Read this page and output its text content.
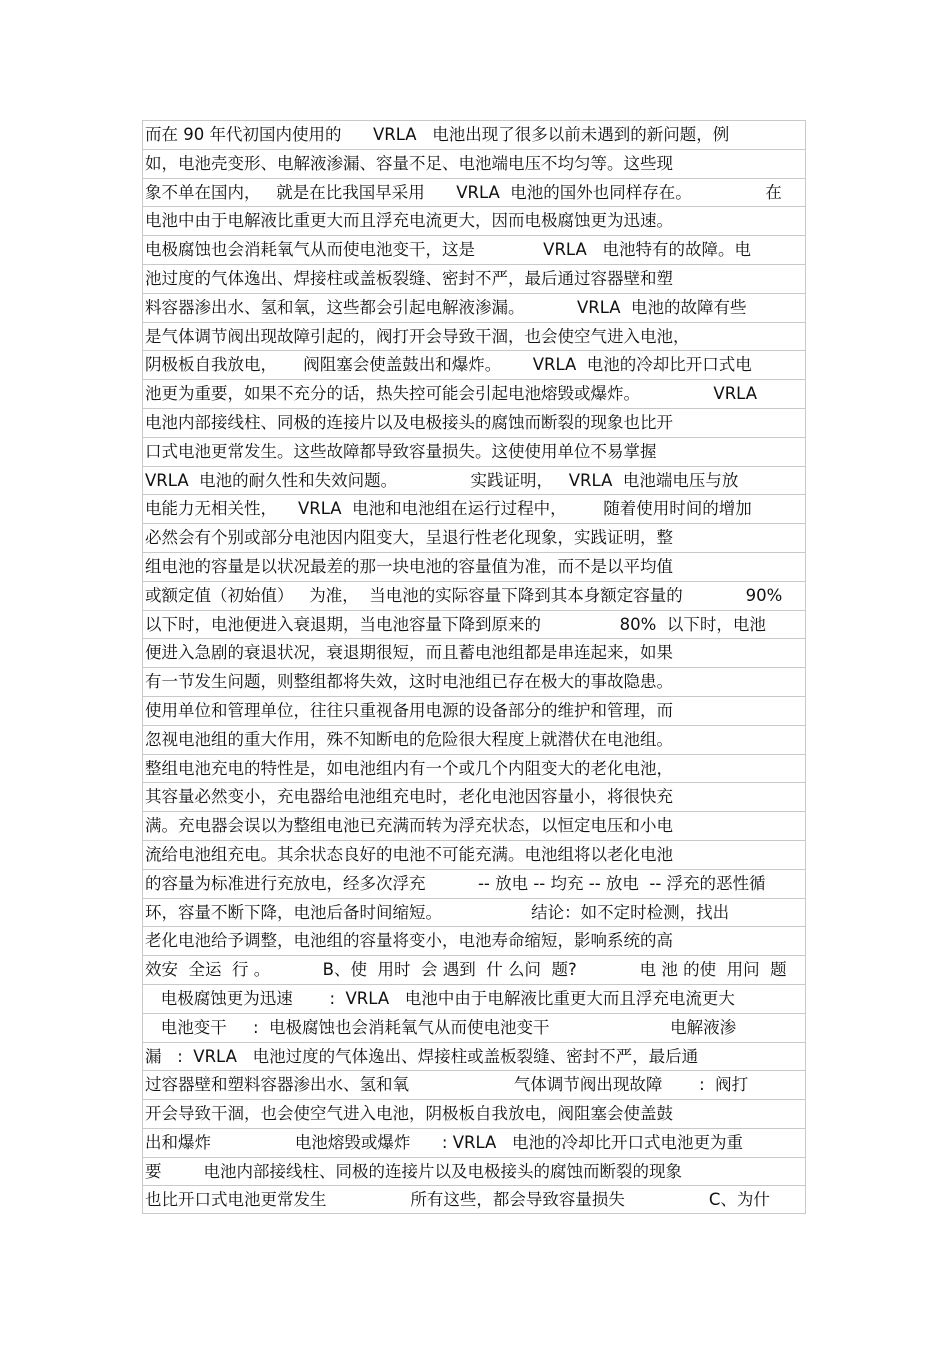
而在 90 年代初国内使用的      VRLA   电池出现了很多以前未遇到的新问题，例
如，电池壳变形、电解液渗漏、容量不足、电池端电压不均匀等。这些现
象不单在国内，   就是在比我国早采用      VRLA  电池的国外也同样存在。              在
电池中由于电解液比重更大而且浮充电流更大，因而电极腐蚀更为迅速。
电极腐蚀也会消耗氧气从而使电池变干，这是             VRLA   电池特有的故障。电
池过度的气体逸出、焊接柱或盖板裂缝、密封不严，最后通过容器壁和塑
料容器渗出水、氢和氧，这些都会引起电解液渗漏。          VRLA  电池的故障有些
是气体调节阀出现故障引起的，阀打开会导致干涸，也会使空气进入电池，
阴极板自我放电，     阀阻塞会使盖鼓出和爆炸。      VRLA  电池的冷却比开口式电
池更为重要，如果不充分的话，热失控可能会引起电池熔毁或爆炸。              VRLA
电池内部接线柱、同极的连接片以及电极接头的腐蚀而断裂的现象也比开
口式电池更常发生。这些故障都导致容量损失。这使使用单位不易掌握
VRLA  电池的耐久性和失效问题。              实践证明，   VRLA  电池端电压与放
电能力无相关性，    VRLA  电池和电池组在运行过程中，       随着使用时间的增加
必然会有个别或部分电池因内阻变大，呈退行性老化现象，实践证明，整
组电池的容量是以状况最差的那一块电池的容量值为准，而不是以平均值
或额定值（初始值）   为准，  当电池的实际容量下降到其本身额定容量的            90%
以下时，电池便进入衰退期，当电池容量下降到原来的               80%  以下时，电池
便进入急剧的衰退状况，衰退期很短，而且蓄电池组都是串连起来，如果
有一节发生问题，则整组都将失效，这时电池组已存在极大的事故隐患。
使用单位和管理单位，往往只重视备用电源的设备部分的维护和管理，而
忽视电池组的重大作用，殊不知断电的危险很大程度上就潜伏在电池组。
整组电池充电的特性是，如电池组内有一个或几个内阻变大的老化电池，
其容量必然变小，充电器给电池组充电时，老化电池因容量小，将很快充
满。充电器会误以为整组电池已充满而转为浮充状态，以恒定电压和小电
流给电池组充电。其余状态良好的电池不可能充满。电池组将以老化电池
的容量为标准进行充放电，经多次浮充          -- 放电 -- 均充 -- 放电  -- 浮充的恶性循
环，容量不断下降，电池后备时间缩短。                 结论：如不定时检测，找出
老化电池给予调整，电池组的容量将变小，电池寿命缩短，影响系统的高
效安  全运  行 。          B、使  用时  会 遇到  什 么问  题?            电 池 的使  用问  题
电极腐蚀更为迅速       :  VRLA   电池中由于电解液比重更大而且浮充电流更大
电池变干     :  电极腐蚀也会消耗氧气从而使电池变干                       电解液渗
漏   :  VRLA   电池过度的气体逸出、焊接柱或盖板裂缝、密封不严，最后通
过容器壁和塑料容器渗出水、氢和氧                    气体调节阀出现故障       :  阀打
开会导致干涸，也会使空气进入电池，阴极板自我放电，阀阻塞会使盖鼓
出和爆炸                电池熔毁或爆炸      : VRLA   电池的冷却比开口式电池更为重
要        电池内部接线柱、同极的连接片以及电极接头的腐蚀而断裂的现象
也比开口式电池更常发生                所有这些，都会导致容量损失                C、为什
